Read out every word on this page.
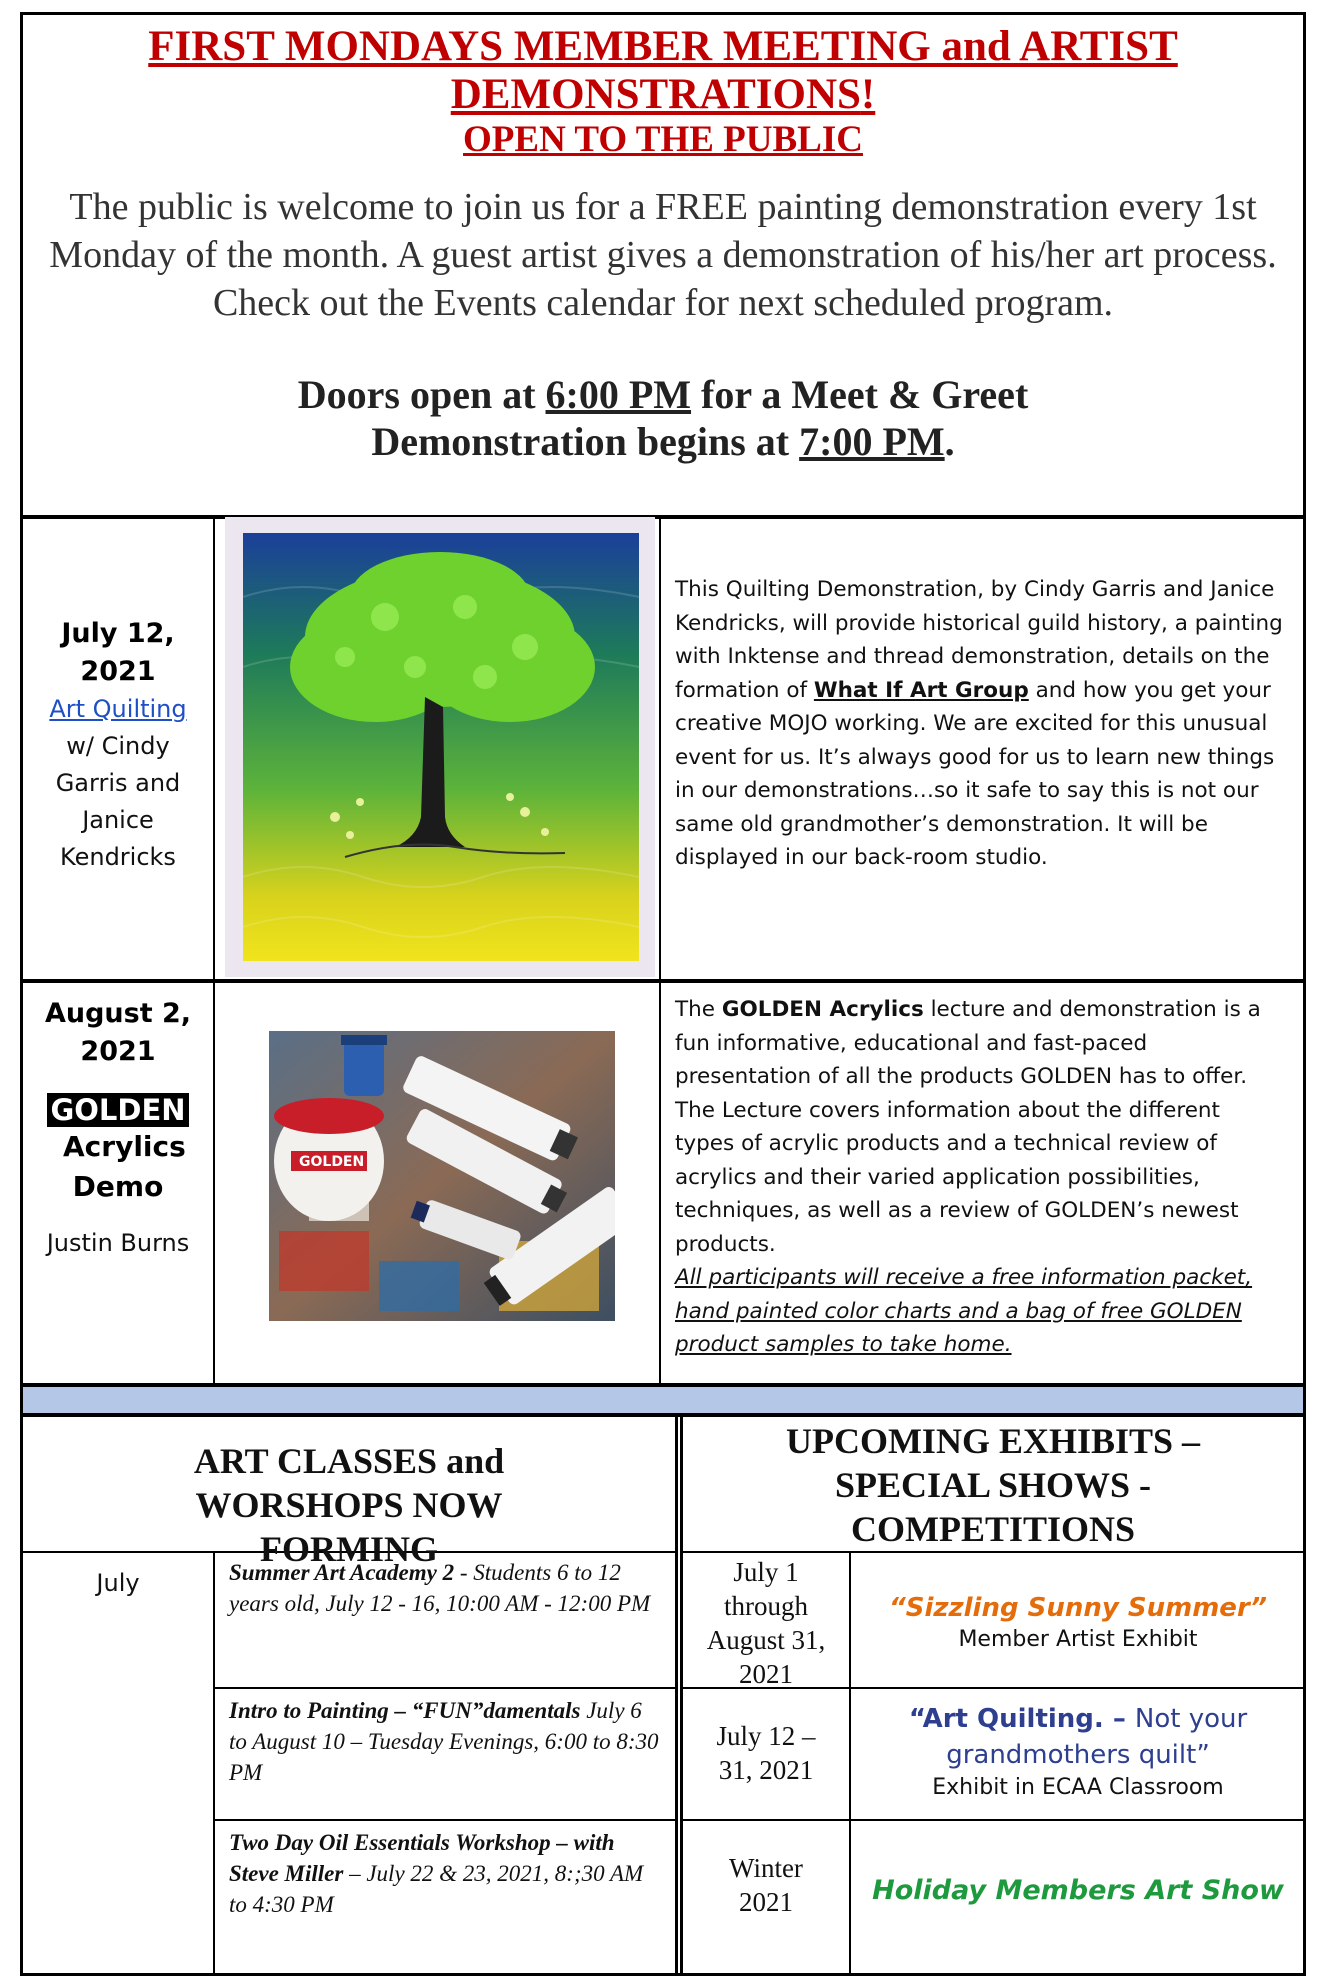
FIRST MONDAYS MEMBER MEETING and ARTIST
DEMONSTRATIONS!
OPEN TO THE PUBLIC
The public is welcome to join us for a FREE painting demonstration every 1st Monday of the month. A guest artist gives a demonstration of his/her art process. Check out the Events calendar for next scheduled program.
Doors open at 6:00 PM for a Meet & Greet
Demonstration begins at 7:00 PM.
July 12, 2021
Art Quilting
w/ Cindy Garris and Janice Kendricks
This Quilting Demonstration, by Cindy Garris and Janice Kendricks, will provide historical guild history, a painting with Inktense and thread demonstration, details on the formation of What If Art Group and how you get your creative MOJO working. We are excited for this unusual event for us. It’s always good for us to learn new things in our demonstrations…so it safe to say this is not our same old grandmother’s demonstration. It will be displayed in our back-room studio.
August 2, 2021
GOLDEN
Acrylics Demo
Justin Burns
GOLDEN
The GOLDEN Acrylics lecture and demonstration is a fun informative, educational and fast-paced presentation of all the products GOLDEN has to offer. The Lecture covers information about the different types of acrylic products and a technical review of acrylics and their varied application possibilities, techniques, as well as a review of GOLDEN’s newest products.
All participants will receive a free information packet, hand painted color charts and a bag of free GOLDEN product samples to take home.
ART CLASSES and WORSHOPS NOW FORMING
UPCOMING EXHIBITS – SPECIAL SHOWS - COMPETITIONS
July	Summer Art Academy 2 - Students 6 to 12 years old, July 12 - 16, 10:00 AM - 12:00 PM
Intro to Painting – “FUN”damentals July 6 to August 10 – Tuesday Evenings, 6:00 to 8:30 PM
Two Day Oil Essentials Workshop – with Steve Miller – July 22 & 23, 2021, 8:;30 AM to 4:30 PM
July 1 through August 31, 2021
“Sizzling Sunny Summer”
Member Artist Exhibit
July 12 – 31, 2021
“Art Quilting. – Not your grandmothers quilt”
Exhibit in ECAA Classroom
Winter 2021	Holiday Members Art Show
